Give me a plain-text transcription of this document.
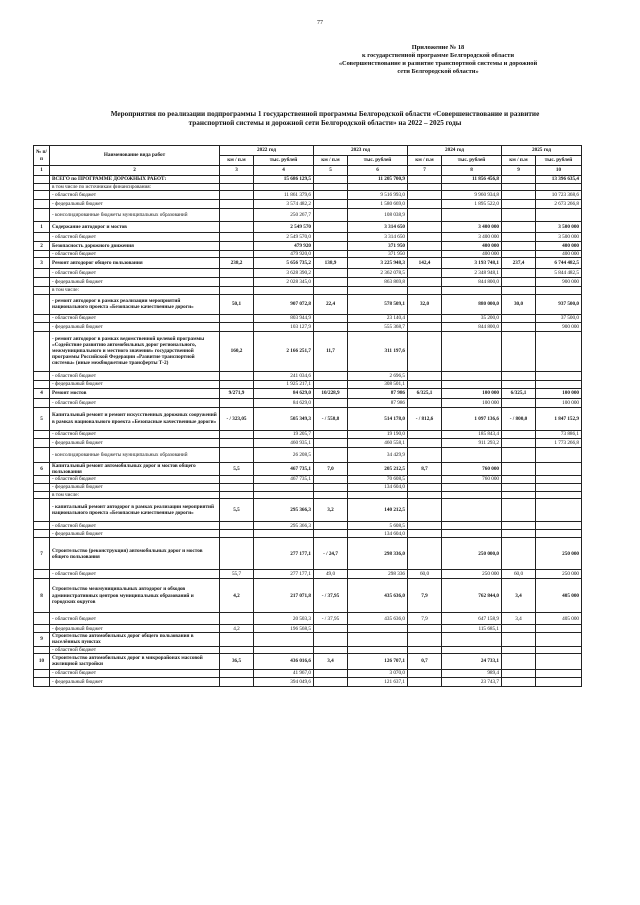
77
Приложение № 18
к государственной программе Белгородской области
«Совершенствование и развитие транспортной системы и дорожной
сети Белгородской области»
Мероприятия по реализации подпрограммы 1 государственной программы Белгородской области «Совершенствование и развитие
транспортной системы и дорожной сети Белгородской области» на 2022 – 2025 годы
№ п/п	Наименование вида работ	2022 год		2023 год		2024 год		2025 год	
		км / п.м	тыс. рублей	км / п.м	тыс. рублей	км / п.м	тыс. рублей	км / п.м	тыс. рублей
1	2	3	4	5	6	7	8	9	10
	ВСЕГО по ПРОГРАММЕ ДОРОЖНЫХ РАБОТ:		15 686 129,5		11 205 700,9		11 856 456,8		13 396 635,4
	в том числе по источникам финансирования:								
	- областной бюджет		11 861 379,6		9 516 993,0		9 960 934,8		10 723 368,6
	- федеральный бюджет		3 574 482,2		1 580 669,0		1 895 522,0		2 673 266,8
	- консолидированные бюджеты муниципальных образований		250 267,7		108 038,9				
1	Содержание автодорог и мостов		2 549 570		3 314 650		3 400 000		3 500 000
	- областной бюджет		2 549 570,0		3 314 650		3 400 000		3 500 000
2	Безопасность дорожного движения		479 920		371 950		400 000		400 000
	- областной бюджет		479 920,0		371 950		400 000		400 000
3	Ремонт автодорог общего пользования	238,2	5 656 735,2	138,9	3 225 948,3	142,4	3 193 748,1	237,4	6 744 482,5
	- областной бюджет		3 628 390,2		2 362 078,5		2 348 948,1		5 844 482,5
	- федеральный бюджет		2 028 345,0		863 869,8		844 800,0		900 000
	в том числе:								
	- ремонт автодорог в рамках реализации мероприятий национального проекта «Безопасные качественные дороги»	50,1	907 072,8	22,4	578 509,1	32,0	880 000,0	30,0	937 500,0
	- областной бюджет		803 944,9		23 140,4		35 200,0		37 500,0
	- федеральный бюджет		103 127,9		555 368,7		844 800,0		900 000
	- ремонт автодорог в рамках ведомственной целевой программы «Содействие развитию автомобильных дорог регионального, межмуниципального и местного значения» государственной программы Российской Федерации «Развитие транспортной системы» (иные межбюджетные трансферты Т-2)	160,2	2 166 251,7	11,7	311 197,6				
	- областной бюджет		241 034,6		2 696,5				
	- федеральный бюджет		1 925 217,1		308 501,1				
4	Ремонт мостов	9/271,9	84 629,0	10/228,9	87 986	6/325,1	100 000	6/325,1	100 000
	- областной бюджет		84 629,0		87 986		100 000		100 000
5	Капитальный ремонт и ремонт искусственных дорожных сооружений в рамках национального проекта «Безопасные качественные дороги»	- / 323,05	505 349,3	- / 558,8	514 178,0	- / 812,6	1 097 136,6	- / 800,0	1 847 152,9
	- областной бюджет		19 205,7		19 190,0		185 843,4		73 886,1
	- федеральный бюджет		460 935,1		460 558,1		911 293,2		1 773 266,8
	- консолидированные бюджеты муниципальных образований		26 208,5		34 429,9				
6	Капитальный ремонт автомобильных дорог и мостов общего пользования	5,5	467 735,1	7,0	205 212,5	8,7	760 000		
	- областной бюджет		467 735,1		70 608,5		760 000		
	- федеральный бюджет				134 604,0				
	в том числе:								
	- капитальный ремонт автодорог в рамках реализации мероприятий национального проекта «Безопасные качественные дороги»	5,5	295 366,3	3,2	140 212,5				
	- областной бюджет		295 366,3		5 608,5				
	- федеральный бюджет				134 604,0				
7	Строительство (реконструкция) автомобильных дорог и мостов общего пользования		277 177,1	- / 24,7	298 336,0		250 000,0		250 000
	- областной бюджет	55,7	277 177,1	49,0	298 336	60,0	250 000	60,0	250 000
8	Строительство межмуниципальных автодорог и обходов административных центров муниципальных образований и городских округов	4,2	217 071,8	- / 37,95	435 636,0	7,9	762 844,0	3,4	405 000
	- областной бюджет		20 503,3	- / 37,95	435 636,0	7,9	647 158,9	3,4	405 000
	- федеральный бюджет	4,2	196 568,5				115 685,1		
9	Строительство автомобильных дорог общего пользования в населённых пунктах								
	- областной бюджет								
10	Строительство автомобильных дорог в микрорайонах массовой жилищной застройки	36,5	436 016,6	3,4	126 707,1	0,7	24 733,1		
	- областной бюджет		41 967,0		3 070,0		989,4		
	- федеральный бюджет		394 049,6		121 637,1		23 743,7		
